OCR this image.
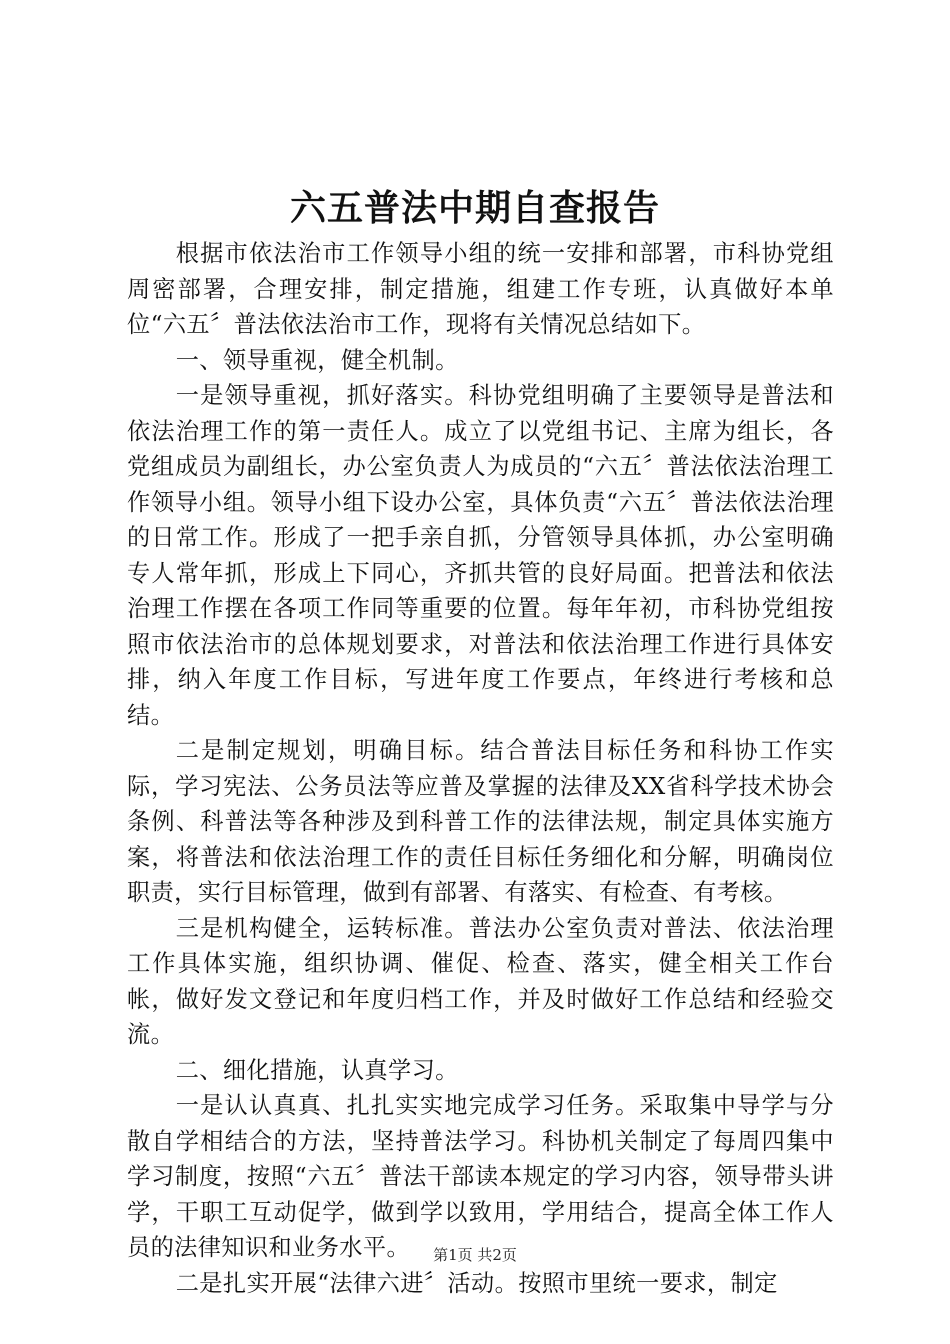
六五普法中期自查报告

根据市依法治市工作领导小组的统一安排和部署，市科协党组周密部署，合理安排，制定措施，组建工作专班，认真做好本单位“六五〞普法依法治市工作，现将有关情况总结如下。

一、领导重视，健全机制。

一是领导重视，抓好落实。科协党组明确了主要领导是普法和依法治理工作的第一责任人。成立了以党组书记、主席为组长，各党组成员为副组长，办公室负责人为成员的“六五〞普法依法治理工作领导小组。领导小组下设办公室，具体负责“六五〞普法依法治理的日常工作。形成了一把手亲自抓，分管领导具体抓，办公室明确专人常年抓，形成上下同心，齐抓共管的良好局面。把普法和依法治理工作摆在各项工作同等重要的位置。每年年初，市科协党组按照市依法治市的总体规划要求，对普法和依法治理工作进行具体安排，纳入年度工作目标，写进年度工作要点，年终进行考核和总结。

二是制定规划，明确目标。结合普法目标任务和科协工作实际，学习宪法、公务员法等应普及掌握的法律及XX省科学技术协会条例、科普法等各种涉及到科普工作的法律法规，制定具体实施方案，将普法和依法治理工作的责任目标任务细化和分解，明确岗位职责，实行目标管理，做到有部署、有落实、有检查、有考核。

三是机构健全，运转标准。普法办公室负责对普法、依法治理工作具体实施，组织协调、催促、检查、落实，健全相关工作台帐，做好发文登记和年度归档工作，并及时做好工作总结和经验交流。

二、细化措施，认真学习。

一是认认真真、扎扎实实地完成学习任务。采取集中导学与分散自学相结合的方法，坚持普法学习。科协机关制定了每周四集中学习制度，按照“六五〞普法干部读本规定的学习内容，领导带头讲学，干职工互动促学，做到学以致用，学用结合，提高全体工作人员的法律知识和业务水平。

二是扎实开展“法律六进〞活动。按照市里统一要求，制定

第1页 共2页
